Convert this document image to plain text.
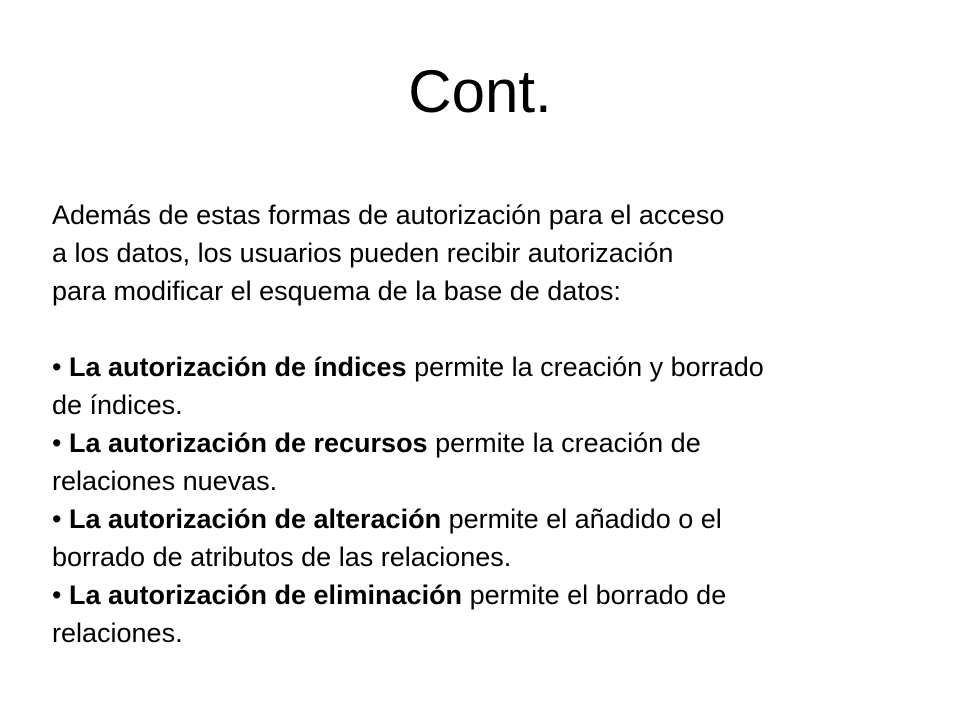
Cont.
Además de estas formas de autorización para el acceso
a los datos, los usuarios pueden recibir autorización
para modificar el esquema de la base de datos:
• La autorización de índices permite la creación y borrado
de índices.
• La autorización de recursos permite la creación de
relaciones nuevas.
• La autorización de alteración permite el añadido o el
borrado de atributos de las relaciones.
• La autorización de eliminación permite el borrado de
relaciones.
